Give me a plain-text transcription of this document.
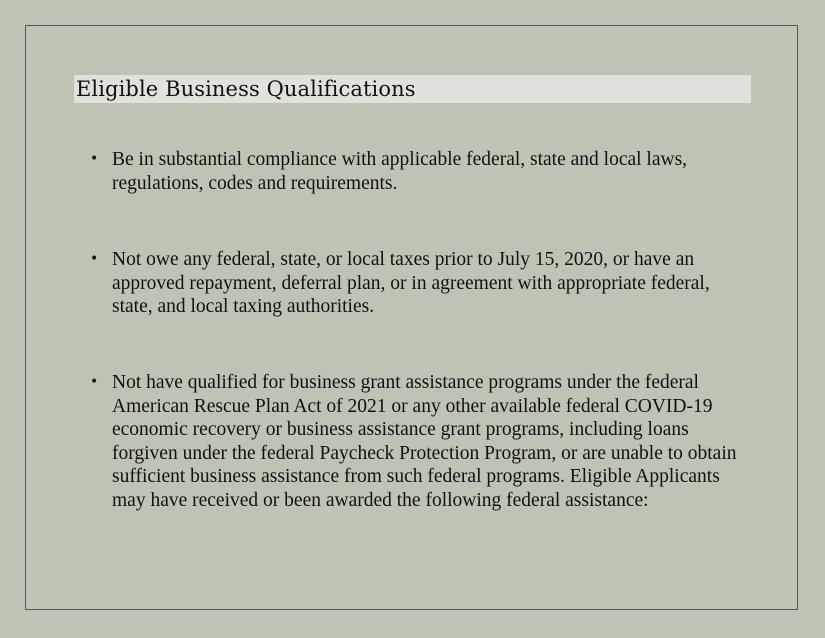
Eligible Business Qualifications
• Be in substantial compliance with applicable federal, state and local laws, regulations, codes and requirements.
• Not owe any federal, state, or local taxes prior to July 15, 2020, or have an approved repayment, deferral plan, or in agreement with appropriate federal, state, and local taxing authorities.
• Not have qualified for business grant assistance programs under the federal American Rescue Plan Act of 2021 or any other available federal COVID-19 economic recovery or business assistance grant programs, including loans forgiven under the federal Paycheck Protection Program, or are unable to obtain sufficient business assistance from such federal programs. Eligible Applicants may have received or been awarded the following federal assistance:
